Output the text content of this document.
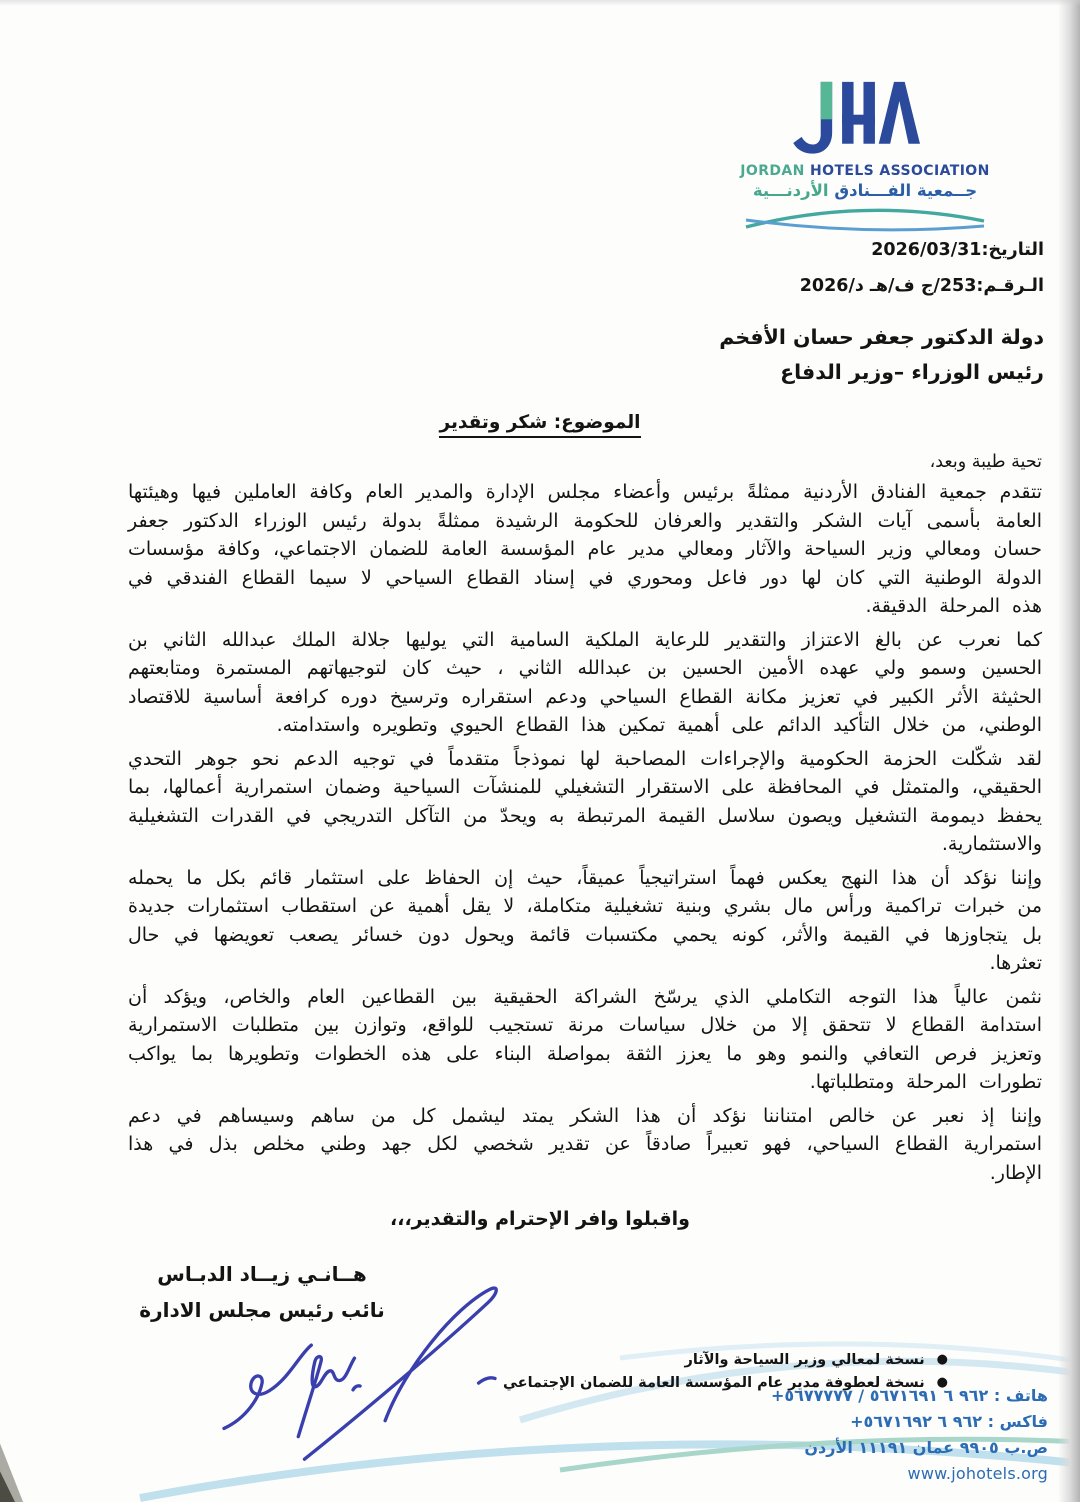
JORDAN HOTELS ASSOCIATION
جــمعية الفـــنادق الأردنـــية
التاريخ:2026/03/31
الـرقـم:253/ج ف/هـ د/2026
دولة الدكتور جعفر حسان الأفخم
رئيس الوزراء –وزير الدفاع
الموضوع: شكر وتقدير
تحية طيبة وبعد،

تتقدم جمعية الفنادق الأردنية ممثلةً برئيس وأعضاء مجلس الإدارة والمدير العام وكافة العاملين فيها وهيئتها العامة بأسمى آيات الشكر والتقدير والعرفان للحكومة الرشيدة ممثلةً بدولة رئيس الوزراء الدكتور جعفر حسان ومعالي وزير السياحة والآثار ومعالي مدير عام المؤسسة العامة للضمان الاجتماعي، وكافة مؤسسات الدولة الوطنية التي كان لها دور فاعل ومحوري في إسناد القطاع السياحي لا سيما القطاع الفندقي في هذه المرحلة الدقيقة.

كما نعرب عن بالغ الاعتزاز والتقدير للرعاية الملكية السامية التي يوليها جلالة الملك عبدالله الثاني بن الحسين وسمو ولي عهده الأمين الحسين بن عبدالله الثاني ، حيث كان لتوجيهاتهم المستمرة ومتابعتهم الحثيثة الأثر الكبير في تعزيز مكانة القطاع السياحي ودعم استقراره وترسيخ دوره كرافعة أساسية للاقتصاد الوطني، من خلال التأكيد الدائم على أهمية تمكين هذا القطاع الحيوي وتطويره واستدامته.

لقد شكّلت الحزمة الحكومية والإجراءات المصاحبة لها نموذجاً متقدماً في توجيه الدعم نحو جوهر التحدي الحقيقي، والمتمثل في المحافظة على الاستقرار التشغيلي للمنشآت السياحية وضمان استمرارية أعمالها، بما يحفظ ديمومة التشغيل ويصون سلاسل القيمة المرتبطة به ويحدّ من التآكل التدريجي في القدرات التشغيلية والاستثمارية.

وإننا نؤكد أن هذا النهج يعكس فهماً استراتيجياً عميقاً، حيث إن الحفاظ على استثمار قائم بكل ما يحمله من خبرات تراكمية ورأس مال بشري وبنية تشغيلية متكاملة، لا يقل أهمية عن استقطاب استثمارات جديدة بل يتجاوزها في القيمة والأثر، كونه يحمي مكتسبات قائمة ويحول دون خسائر يصعب تعويضها في حال تعثرها.

نثمن عالياً هذا التوجه التكاملي الذي يرسّخ الشراكة الحقيقية بين القطاعين العام والخاص، ويؤكد أن استدامة القطاع لا تتحقق إلا من خلال سياسات مرنة تستجيب للواقع، وتوازن بين متطلبات الاستمرارية وتعزيز فرص التعافي والنمو وهو ما يعزز الثقة بمواصلة البناء على هذه الخطوات وتطويرها بما يواكب تطورات المرحلة ومتطلباتها.

وإننا إذ نعبر عن خالص امتناننا نؤكد أن هذا الشكر يمتد ليشمل كل من ساهم وسيساهم في دعم استمرارية القطاع السياحي، فهو تعبيراً صادقاً عن تقدير شخصي لكل جهد وطني مخلص بذل في هذا الإطار.

واقبلوا وافر الإحترام والتقدير،،،
هــانـي زيــاد الدبـاس
نائب رئيس مجلس الادارة
●نسخة لمعالي وزير السياحة والآثار
●نسخة لعطوفة مدير عام المؤسسة العامة للضمان الإجتماعي
هاتف : +٩٦٢ ٦ ٥٦٧١٦٩١ / ٥٦٧٧٧٧٧
فاكس : +٩٦٢ ٦ ٥٦٧١٦٩٢
ص.ب ٩٩٠٥ عمان ١١١٩١ الأردن
www.johotels.org
